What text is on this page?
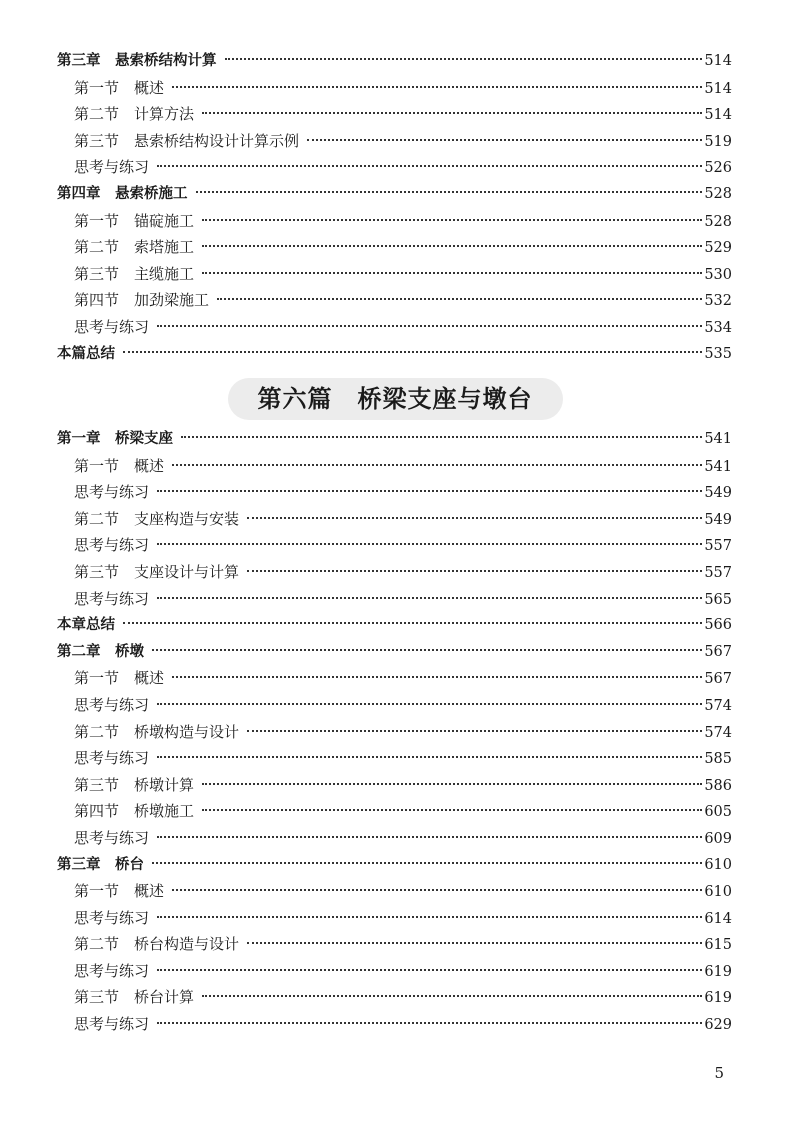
第三章　悬索桥结构计算	514
第一节　概述	514
第二节　计算方法	514
第三节　悬索桥结构设计计算示例	519
思考与练习	526
第四章　悬索桥施工	528
第一节　锚碇施工	528
第二节　索塔施工	529
第三节　主缆施工	530
第四节　加劲梁施工	532
思考与练习	534
本篇总结	535
第六篇　桥梁支座与墩台
第一章　桥梁支座	541
第一节　概述	541
思考与练习	549
第二节　支座构造与安装	549
思考与练习	557
第三节　支座设计与计算	557
思考与练习	565
本章总结	566
第二章　桥墩	567
第一节　概述	567
思考与练习	574
第二节　桥墩构造与设计	574
思考与练习	585
第三节　桥墩计算	586
第四节　桥墩施工	605
思考与练习	609
第三章　桥台	610
第一节　概述	610
思考与练习	614
第二节　桥台构造与设计	615
思考与练习	619
第三节　桥台计算	619
思考与练习	629
5
